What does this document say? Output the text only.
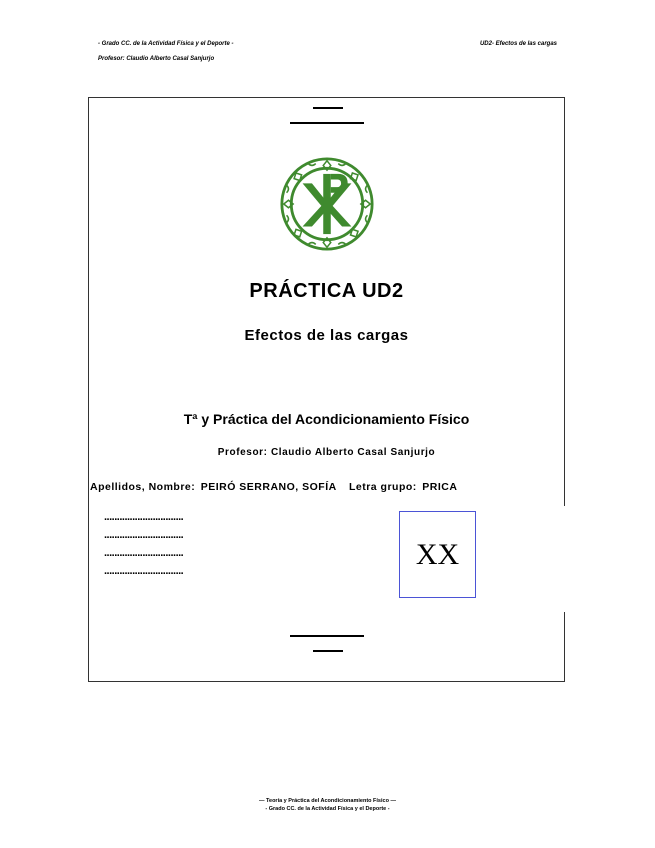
- Grado CC. de la Actividad Física y el Deporte -	UD2- Efectos de las cargas
Profesor: Claudio Alberto Casal Sanjurjo
PRÁCTICA UD2
Efectos de las cargas
Tª y Práctica del Acondicionamiento Físico
Profesor: Claudio Alberto Casal Sanjurjo
Apellidos, Nombre: PEIRÓ SERRANO, SOFÍA Letra grupo: PRICA
...............................
...............................
...............................
...............................
XX
— Teoría y Práctica del Acondicionamiento Físico —
- Grado CC. de la Actividad Física y el Deporte -
